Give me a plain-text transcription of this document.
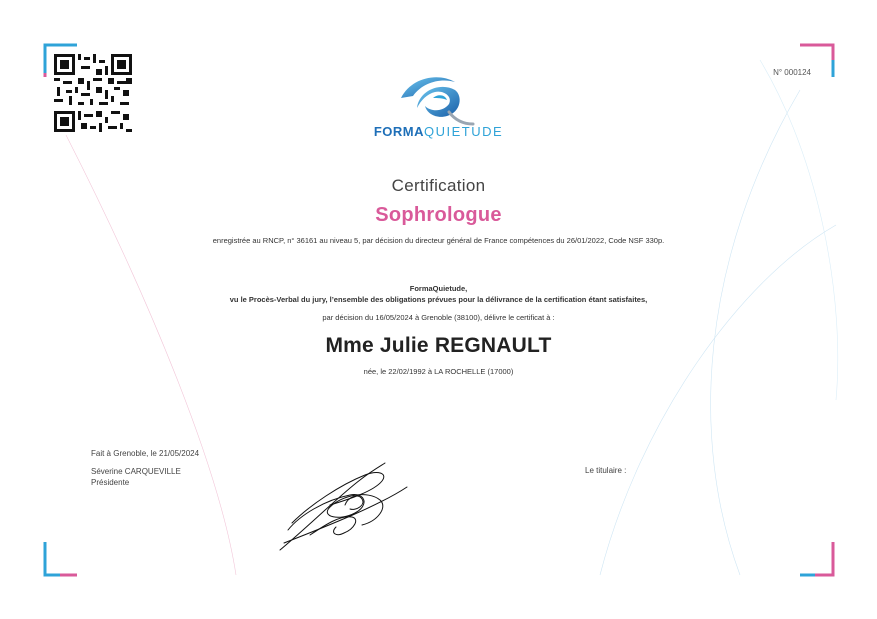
N° 000124
FORMAQUIETUDE
Certification
Sophrologue
enregistrée au RNCP, n° 36161 au niveau 5, par décision du directeur général de France compétences du 26/01/2022, Code NSF 330p.
FormaQuietude,
vu le Procès-Verbal du jury, l’ensemble des obligations prévues pour la délivrance de la certification étant satisfaites,
par décision du 16/05/2024 à Grenoble (38100), délivre le certificat à :
Mme Julie REGNAULT
née, le 22/02/1992 à LA ROCHELLE (17000)
Fait à Grenoble, le 21/05/2024
Séverine CARQUEVILLE
Présidente
Le titulaire :
